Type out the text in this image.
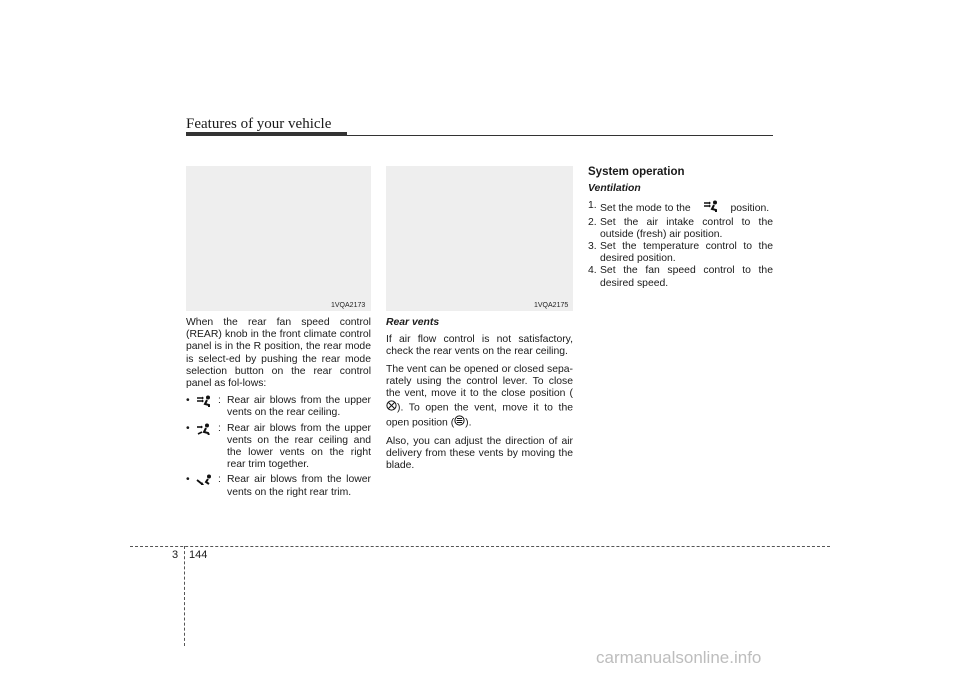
Features of your vehicle
1VQA2173	1VQA2175

When the rear fan speed control (REAR) knob in the front climate control panel is in the R position, the rear mode is select-ed by pushing the rear mode selection button on the rear control panel as fol-lows:

•	: Rear air blows from the upper vents on the rear ceiling.
•	: Rear air blows from the upper vents on the rear ceiling and the lower vents on the right rear trim together.
•	: Rear air blows from the lower vents on the right rear trim.

Rear vents

If air flow control is not satisfactory, check the rear vents on the rear ceiling.

The vent can be opened or closed sepa-rately using the control lever. To close the vent, move it to the close position (). To open the vent, move it to the open position ( ).

Also, you can adjust the direction of air delivery from these vents by moving the blade.

System operation

Ventilation

1. Set the mode to the	position.
2. Set the air intake control to the outside (fresh) air position.
3. Set the temperature control to the desired position.
4. Set the fan speed control to the desired speed.
3 144
carmanualsonline.info
